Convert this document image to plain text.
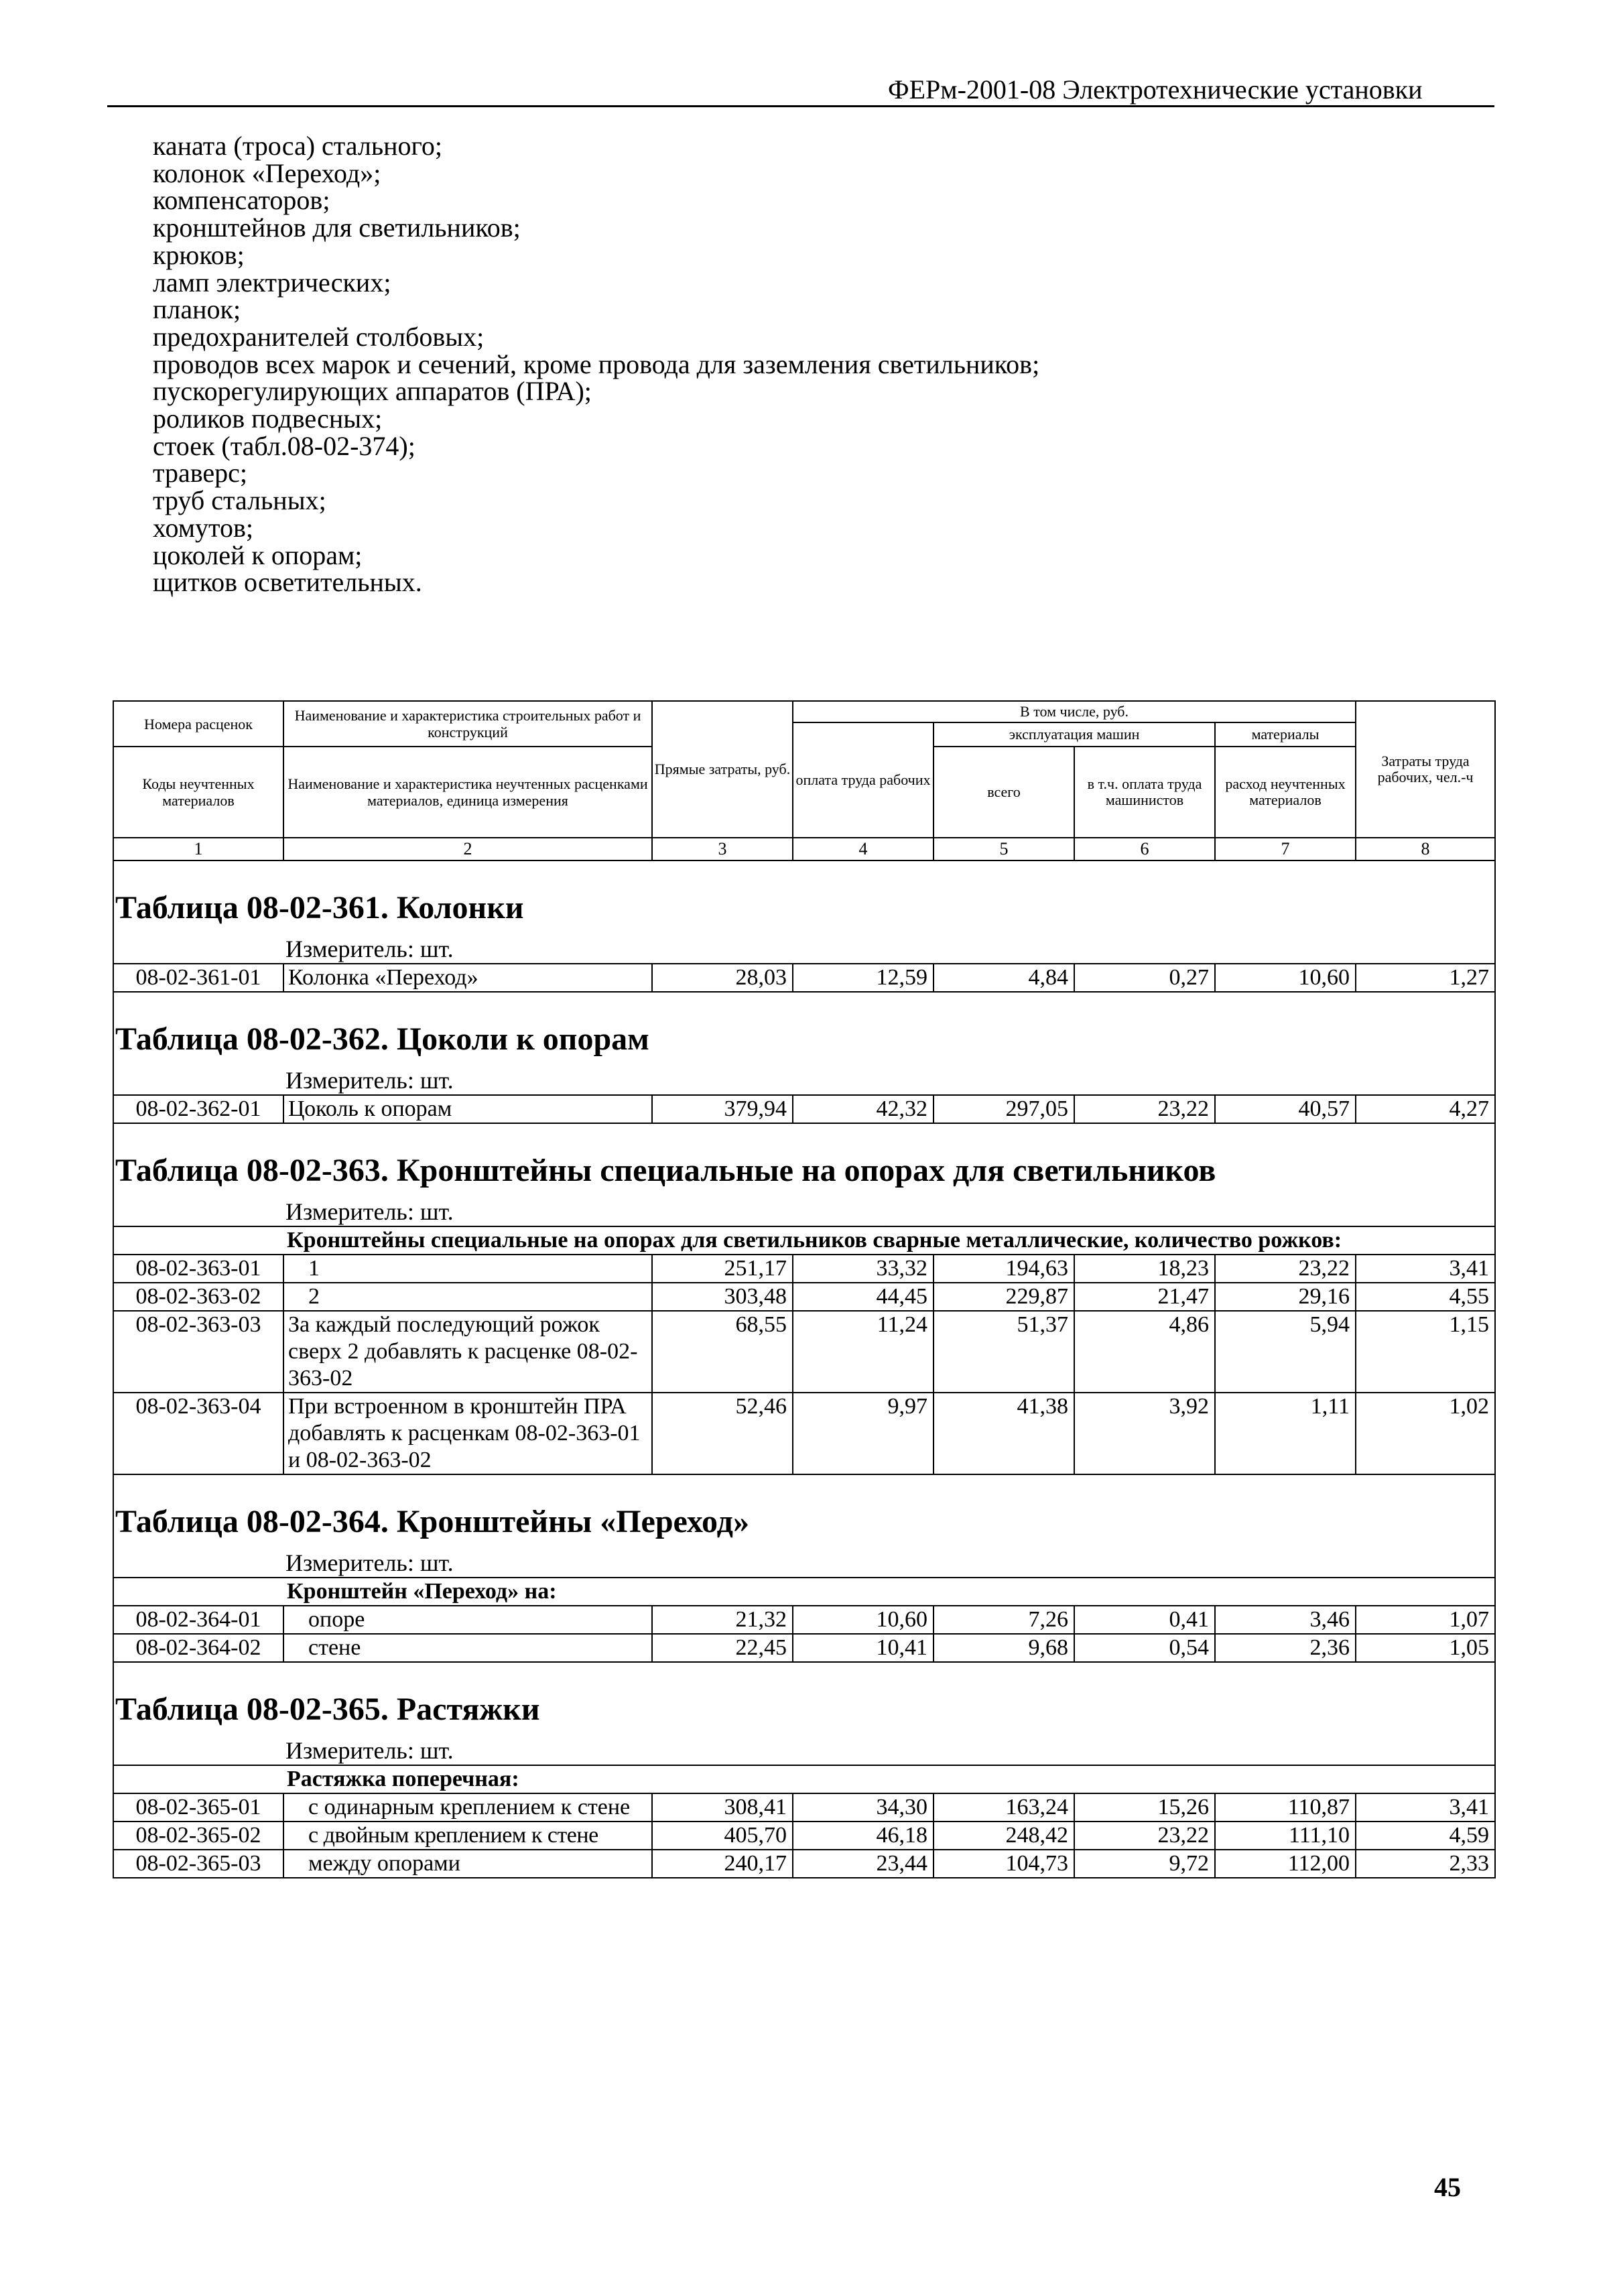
ФЕРм-2001-08 Электротехнические установки
каната (троса) стального;
колонок «Переход»;
компенсаторов;
кронштейнов для светильников;
крюков;
ламп электрических;
планок;
предохранителей столбовых;
проводов всех марок и сечений, кроме провода для заземления светильников;
пускорегулирующих аппаратов (ПРА);
роликов подвесных;
стоек (табл.08-02-374);
траверс;
труб стальных;
хомутов;
цоколей к опорам;
щитков осветительных.
Номера расценок	Наименование и характеристика строительных работ и конструкций	Прямые затраты, руб.	В том числе, руб.				Затраты труда рабочих, чел.-ч
			оплата труда рабочих	эксплуатация машин		материалы	
Коды неучтенных материалов	Наименование и характеристика неучтенных расценками материалов, единица измерения			всего	в т.ч. оплата труда машинистов	расход неучтенных материалов	

1	2	3	4	5	6	7	8
Таблица 08-02-361. Колонки							
Измеритель: шт.							
08-02-361-01	Колонка «Переход»	28,03	12,59	4,84	0,27	10,60	1,27
Таблица 08-02-362. Цоколи к опорам							
Измеритель: шт.							
08-02-362-01	Цоколь к опорам	379,94	42,32	297,05	23,22	40,57	4,27
Таблица 08-02-363. Кронштейны специальные на опорах для светильников							
Измеритель: шт.							
Кронштейны специальные на опорах для светильников сварные металлические, количество рожков:							
08-02-363-01	1	251,17	33,32	194,63	18,23	23,22	3,41
08-02-363-02	2	303,48	44,45	229,87	21,47	29,16	4,55
08-02-363-03	За каждый последующий рожок сверх 2 добавлять к расценке 08-02-363-02	68,55	11,24	51,37	4,86	5,94	1,15
08-02-363-04	При встроенном в кронштейн ПРА добавлять к расценкам 08-02-363-01 и 08-02-363-02	52,46	9,97	41,38	3,92	1,11	1,02
Таблица 08-02-364. Кронштейны «Переход»							
Измеритель: шт.							
Кронштейн «Переход» на:							
08-02-364-01	опоре	21,32	10,60	7,26	0,41	3,46	1,07
08-02-364-02	стене	22,45	10,41	9,68	0,54	2,36	1,05
Таблица 08-02-365. Растяжки							
Измеритель: шт.							
Растяжка поперечная:							
08-02-365-01	с одинарным креплением к стене	308,41	34,30	163,24	15,26	110,87	3,41
08-02-365-02	с двойным креплением к стене	405,70	46,18	248,42	23,22	111,10	4,59
08-02-365-03	между опорами	240,17	23,44	104,73	9,72	112,00	2,33
45
